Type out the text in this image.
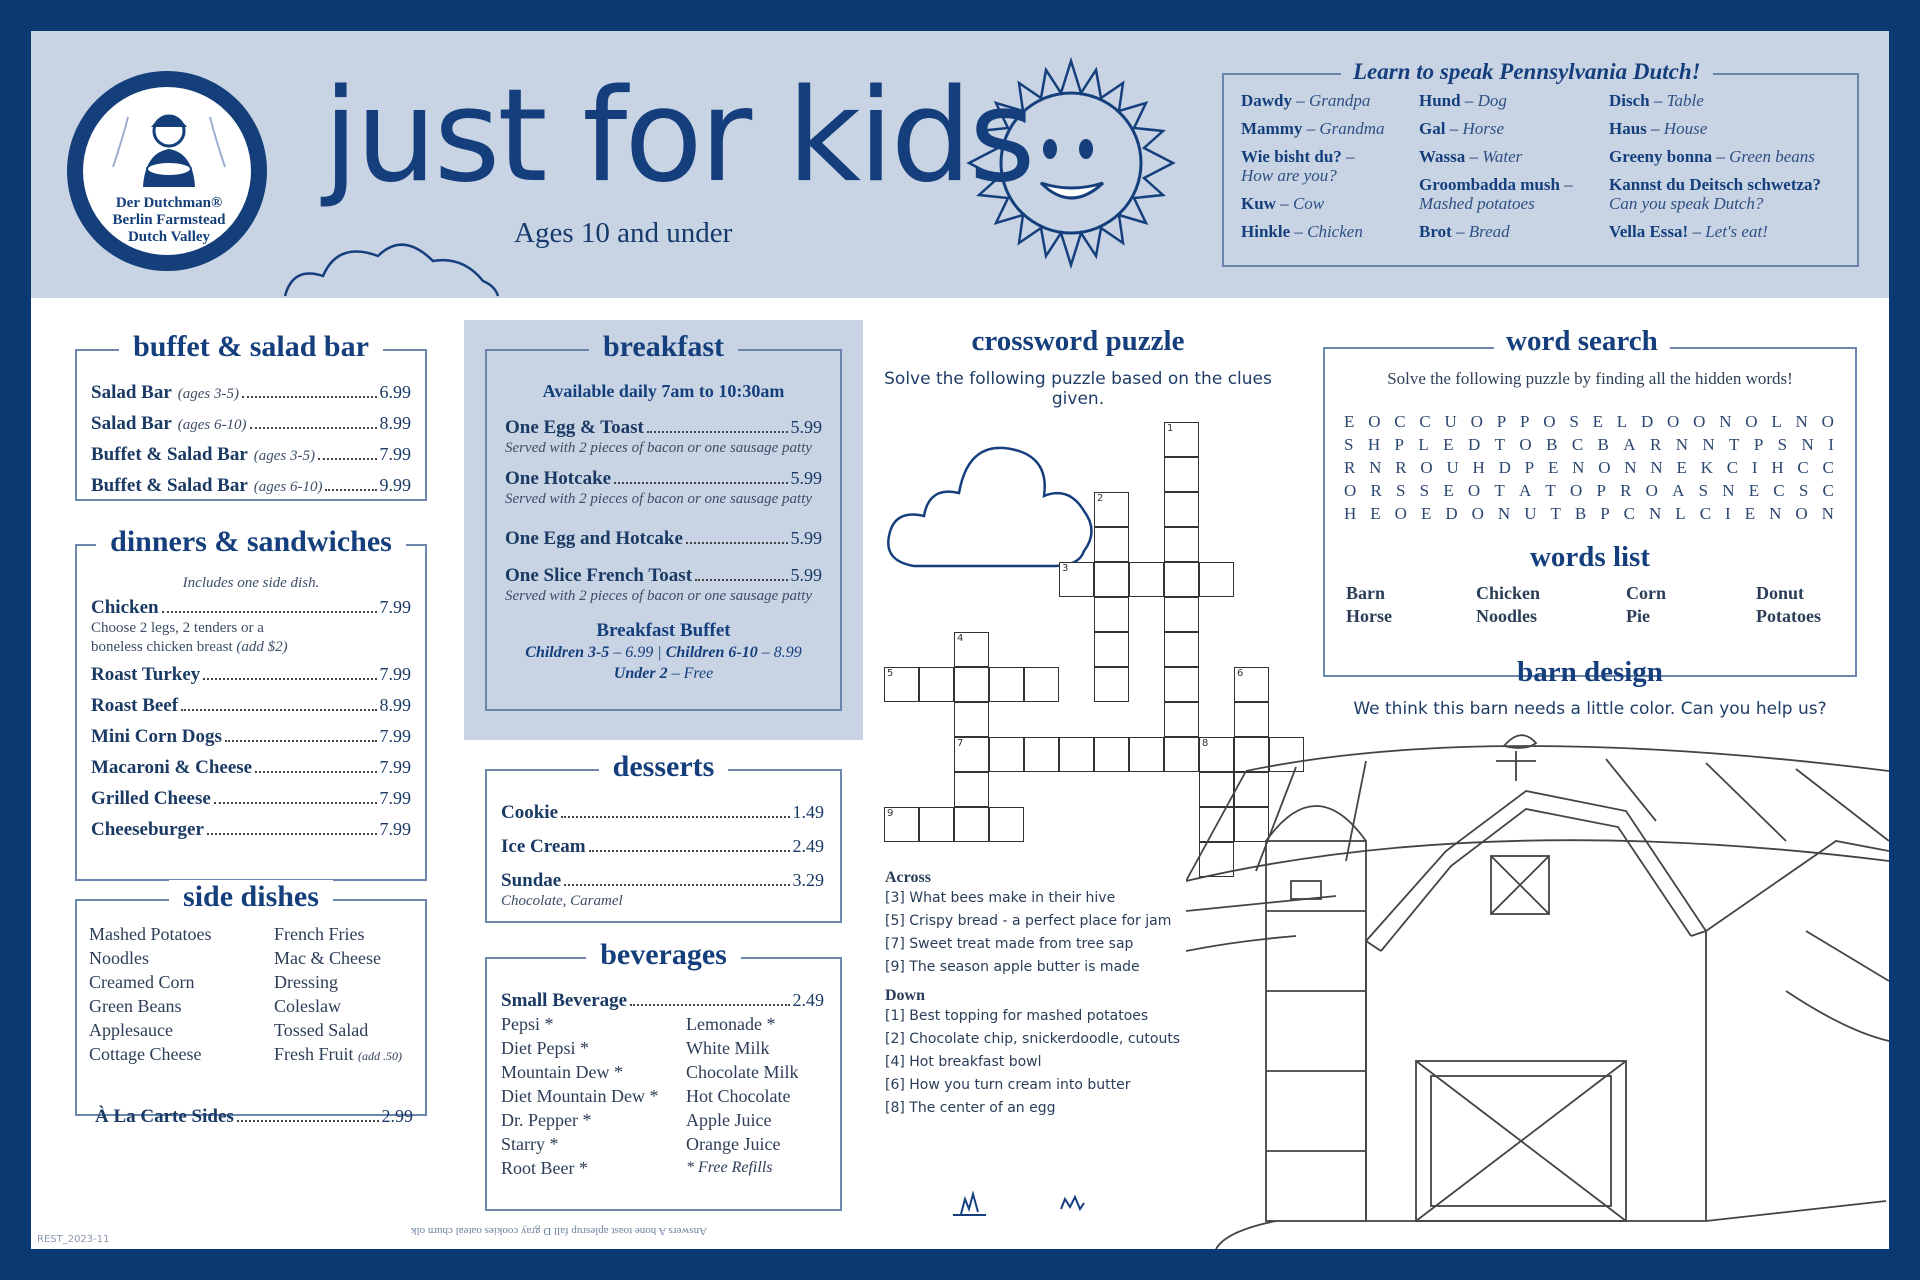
Der Dutchman®
Berlin Farmstead
Dutch Valley
just for kids
Ages 10 and under
Learn to speak Pennsylvania Dutch!
Dawdy – Grandpa
Mammy – Grandma
Wie bisht du? –
How are you?
Kuw – Cow
Hinkle – Chicken
Hund – Dog
Gal – Horse
Wassa – Water
Groombadda mush –
Mashed potatoes
Brot – Bread
Disch – Table
Haus – House
Greeny bonna – Green beans
Kannst du Deitsch schwetza?
Can you speak Dutch?
Vella Essa! – Let's eat!
buffet & salad bar
Salad Bar (ages 3-5)	6.99
Salad Bar (ages 6-10)	8.99
Buffet & Salad Bar (ages 3-5)	7.99
Buffet & Salad Bar (ages 6-10)	9.99
dinners & sandwiches
Includes one side dish.
Chicken	7.99
Choose 2 legs, 2 tenders or a
boneless chicken breast (add $2)
Roast Turkey	7.99
Roast Beef	8.99
Mini Corn Dogs	7.99
Macaroni & Cheese	7.99
Grilled Cheese	7.99
Cheeseburger	7.99
side dishes
Mashed Potatoes
Noodles
Creamed Corn
Green Beans
Applesauce
Cottage Cheese
French Fries
Mac & Cheese
Dressing
Coleslaw
Tossed Salad
Fresh Fruit (add .50)
À La Carte Sides	2.99
breakfast
Available daily 7am to 10:30am
One Egg & Toast	5.99
Served with 2 pieces of bacon or one sausage patty
One Hotcake	5.99
Served with 2 pieces of bacon or one sausage patty
One Egg and Hotcake	5.99
One Slice French Toast	5.99
Served with 2 pieces of bacon or one sausage patty
Breakfast Buffet
Children 3-5 – 6.99 | Children 6-10 – 8.99
Under 2 – Free
desserts
Cookie	1.49
Ice Cream	2.49
Sundae	3.29
Chocolate, Caramel
beverages
Small Beverage	2.49
Pepsi *
Diet Pepsi *
Mountain Dew *
Diet Mountain Dew *
Dr. Pepper *
Starry *
Root Beer *
Lemonade *
White Milk
Chocolate Milk
Hot Chocolate
Apple Juice
Orange Juice
* Free Refills
Answers A hone toast aplesrup fall D gray cookies oateal churn olk
REST_2023-11
crossword puzzle
Solve the following puzzle based on the clues given.
1
2
3
4
5	6
7	8
9
Across
[3] What bees make in their hive
[5] Crispy bread - a perfect place for jam
[7] Sweet treat made from tree sap
[9] The season apple butter is made
Down
[1] Best topping for mashed potatoes
[2] Chocolate chip, snickerdoodle, cutouts
[4] Hot breakfast bowl
[6] How you turn cream into butter
[8] The center of an egg
word search
Solve the following puzzle by finding all the hidden words!
E O C C U O P P O S E L D O O N O L N O
S H P L E D T O B C B A R N N T P S N I
R N R O U H D P E N O N N E K C I H C C
O R S S E O T A T O P R O A S N E C S C
H E O E D O N U T B P C N L C I E N O N
words list
Barn
Horse
Chicken
Noodles
Corn
Pie
Donut
Potatoes
barn design
We think this barn needs a little color. Can you help us?
